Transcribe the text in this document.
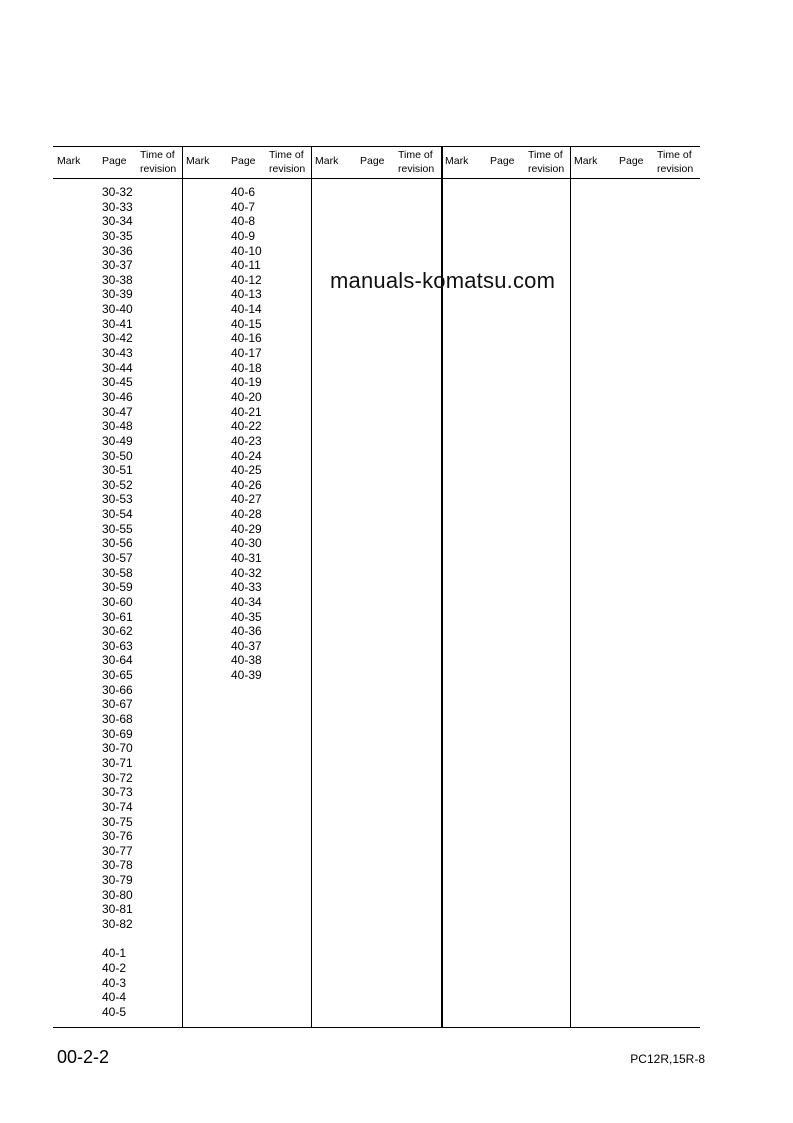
Mark Page Time of
revision
30-32
30-33
30-34
30-35
30-36
30-37
30-38
30-39
30-40
30-41
30-42
30-43
30-44
30-45
30-46
30-47
30-48
30-49
30-50
30-51
30-52
30-53
30-54
30-55
30-56
30-57
30-58
30-59
30-60
30-61
30-62
30-63
30-64
30-65
30-66
30-67
30-68
30-69
30-70
30-71
30-72
30-73
30-74
30-75
30-76
30-77
30-78
30-79
30-80
30-81
30-82
40-1
40-2
40-3
40-4
40-5
Mark Page Time of
revision
40-6
40-7
40-8
40-9
40-10
40-11
40-12
40-13
40-14
40-15
40-16
40-17
40-18
40-19
40-20
40-21
40-22
40-23
40-24
40-25
40-26
40-27
40-28
40-29
40-30
40-31
40-32
40-33
40-34
40-35
40-36
40-37
40-38
40-39
Mark Page Time of
revision
Mark Page Time of
revision
Mark Page Time of
revision
manuals-komatsu.com
00-2-2	PC12R,15R-8
